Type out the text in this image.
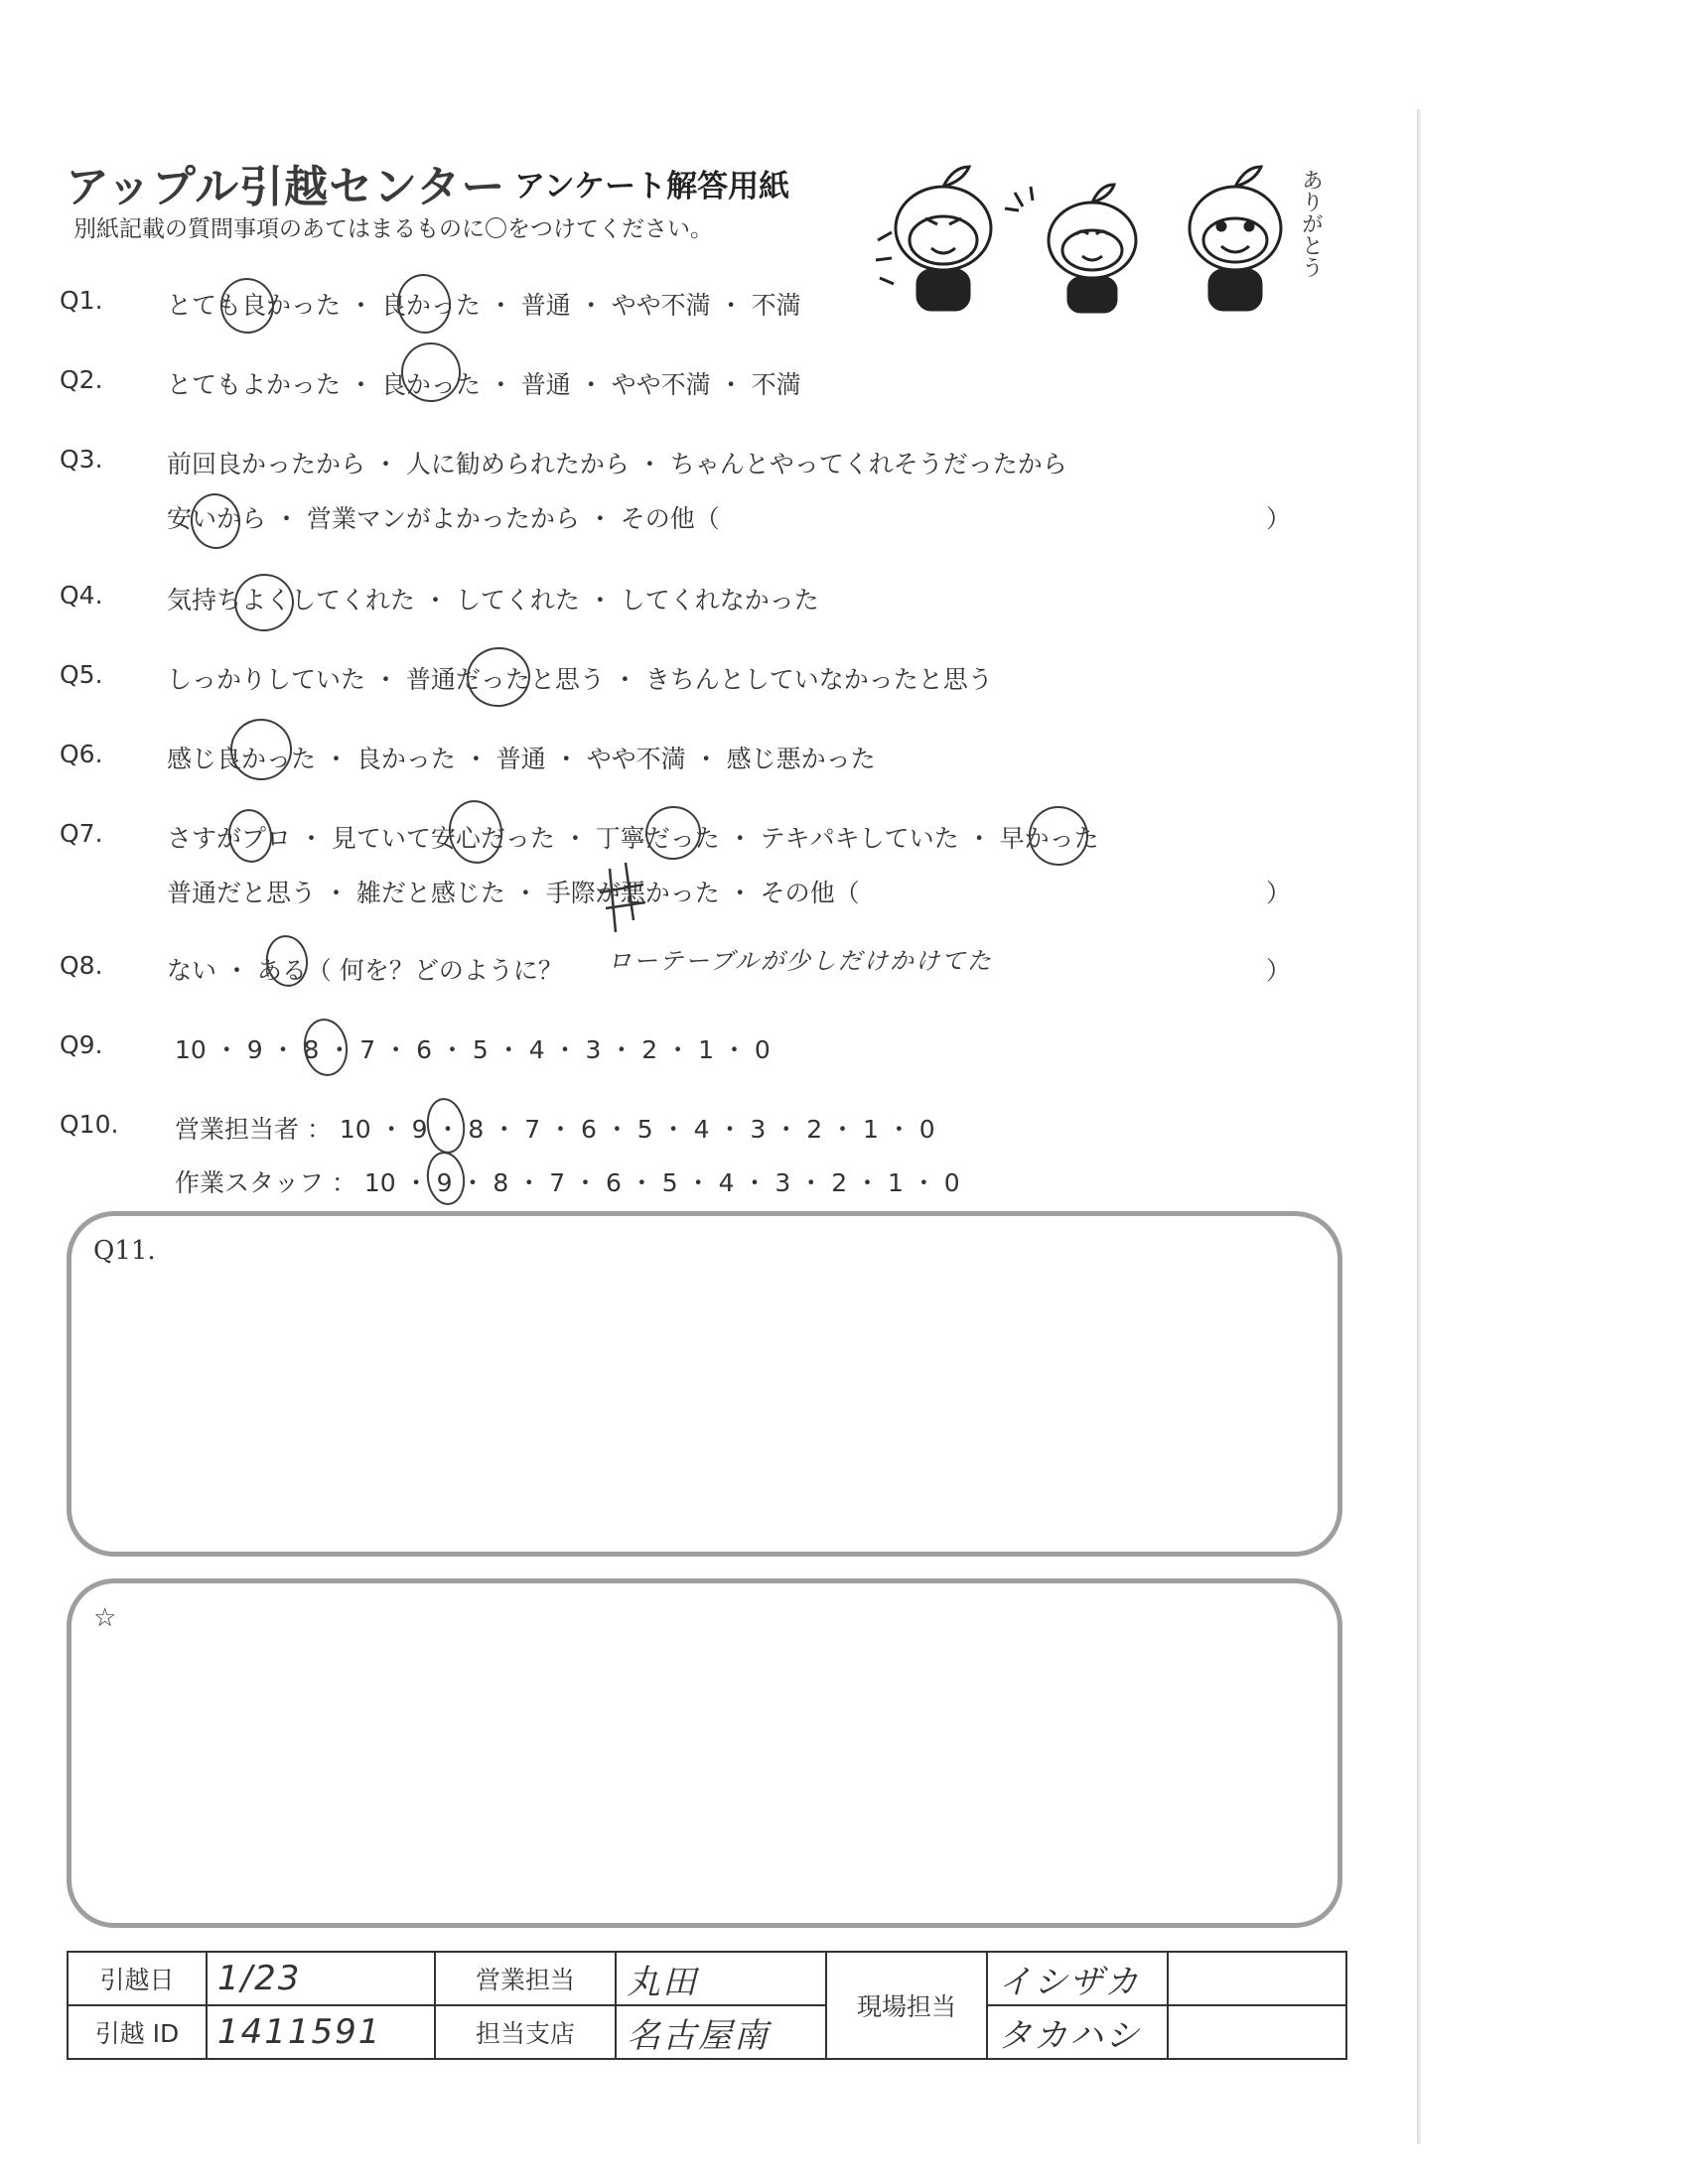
アップル引越センター アンケート解答用紙
別紙記載の質問事項のあてはまるものに〇をつけてください。	ありがとう
Q1.	とても良かった ・ 良かった ・ 普通 ・ やや不満 ・ 不満
Q2.	とてもよかった ・ 良かった ・ 普通 ・ やや不満 ・ 不満
Q3.	前回良かったから ・ 人に勧められたから ・ ちゃんとやってくれそうだったから
安いから ・ 営業マンがよかったから ・ その他（	）
Q4.	気持ちよくしてくれた ・ してくれた ・ してくれなかった
Q5.	しっかりしていた ・ 普通だったと思う ・ きちんとしていなかったと思う
Q6.	感じ良かった ・ 良かった ・ 普通 ・ やや不満 ・ 感じ悪かった
Q7.	さすがプロ ・ 見ていて安心だった ・ 丁寧だった ・ テキパキしていた ・ 早かった
普通だと思う ・ 雑だと感じた ・ 手際が悪かった ・ その他（	）
Q8.	ない ・ ある（ 何を？どのように？ ローテーブルが少しだけかけてた	）
Q9.	10 ・ 9 ・ 8 ・ 7 ・ 6 ・ 5 ・ 4 ・ 3 ・ 2 ・ 1 ・ 0
Q10. 営業担当者 ： 10 ・ 9 ・ 8 ・ 7 ・ 6 ・ 5 ・ 4 ・ 3 ・ 2 ・ 1 ・ 0
作業スタッフ ： 10 ・ 9 ・ 8 ・ 7 ・ 6 ・ 5 ・ 4 ・ 3 ・ 2 ・ 1 ・ 0
Q11.
☆
引越日	1/23	営業担当	丸田	現場担当	イシザカ	
引越 ID	1411591	担当支店	名古屋南		タカハシ	
